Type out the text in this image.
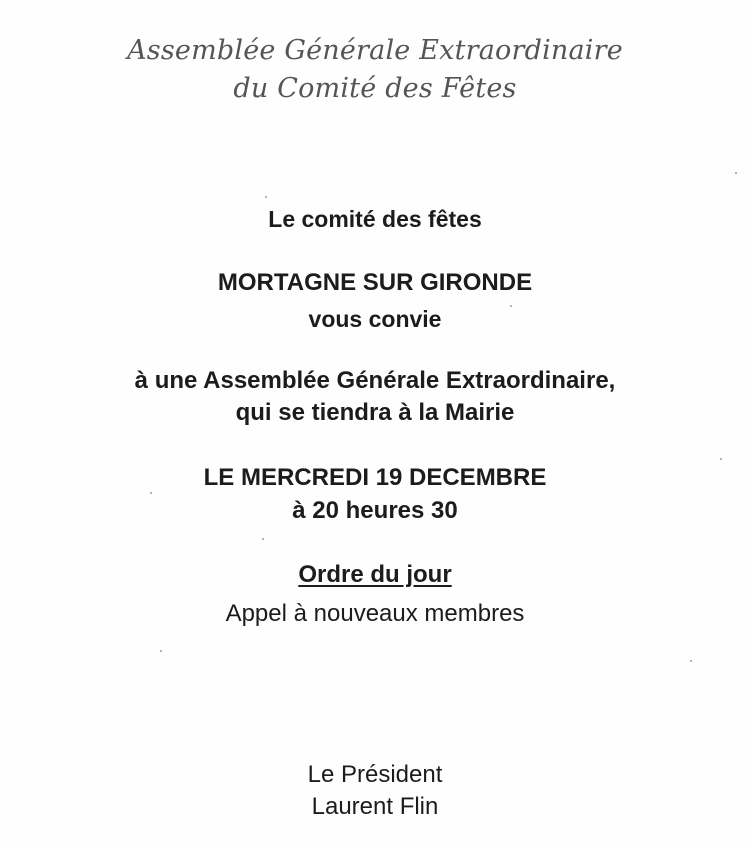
Assemblée Générale Extraordinaire
du Comité des Fêtes
Le comité des fêtes
MORTAGNE SUR GIRONDE
vous convie
à une Assemblée Générale Extraordinaire,
qui se tiendra à la Mairie
LE MERCREDI 19 DECEMBRE
à 20 heures 30
Ordre du jour
Appel à nouveaux membres
Le Président
Laurent Flin
